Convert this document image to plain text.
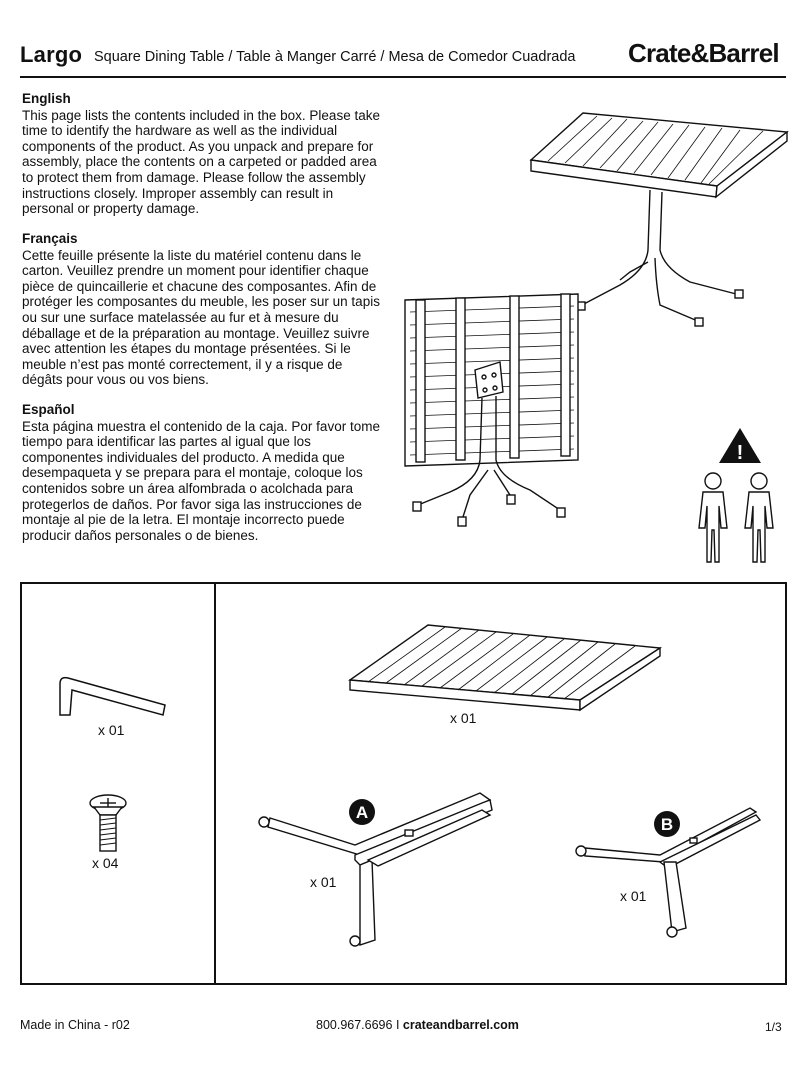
Largo Square Dining Table / Table à Manger Carré / Mesa de Comedor Cuadrada Crate&Barrel
English

This page lists the contents included in the box. Please take time to identify the hardware as well as the individual components of the product. As you unpack and prepare for assembly, place the contents on a carpeted or padded area to protect them from damage. Please follow the assembly instructions closely. Improper assembly can result in personal or property damage.

Français

Cette feuille présente la liste du matériel contenu dans le carton. Veuillez prendre un moment pour identifier chaque pièce de quincaillerie et chacune des composantes. Afin de protéger les composantes du meuble, les poser sur un tapis ou sur une surface matelassée au fur et à mesure du déballage et de la préparation au montage. Veuillez suivre avec attention les étapes du montage présentées. Si le meuble n’est pas monté correctement, il y a risque de dégâts pour vous ou vos biens.

Español

Esta página muestra el contenido de la caja. Por favor tome tiempo para identificar las partes al igual que los componentes individuales del producto. A medida que desempaqueta y se prepara para el montaje, coloque los contenidos sobre un área alfombrada o acolchada para protegerlos de daños. Por favor siga las instrucciones de montaje al pie de la letra. El montaje incorrecto puede producir daños personales o de bienes.

!
A
B
x 01
x 04
x 01
x 01
x 01
Made in China - r02	800.967.6696 I crateandbarrel.com	1/3
